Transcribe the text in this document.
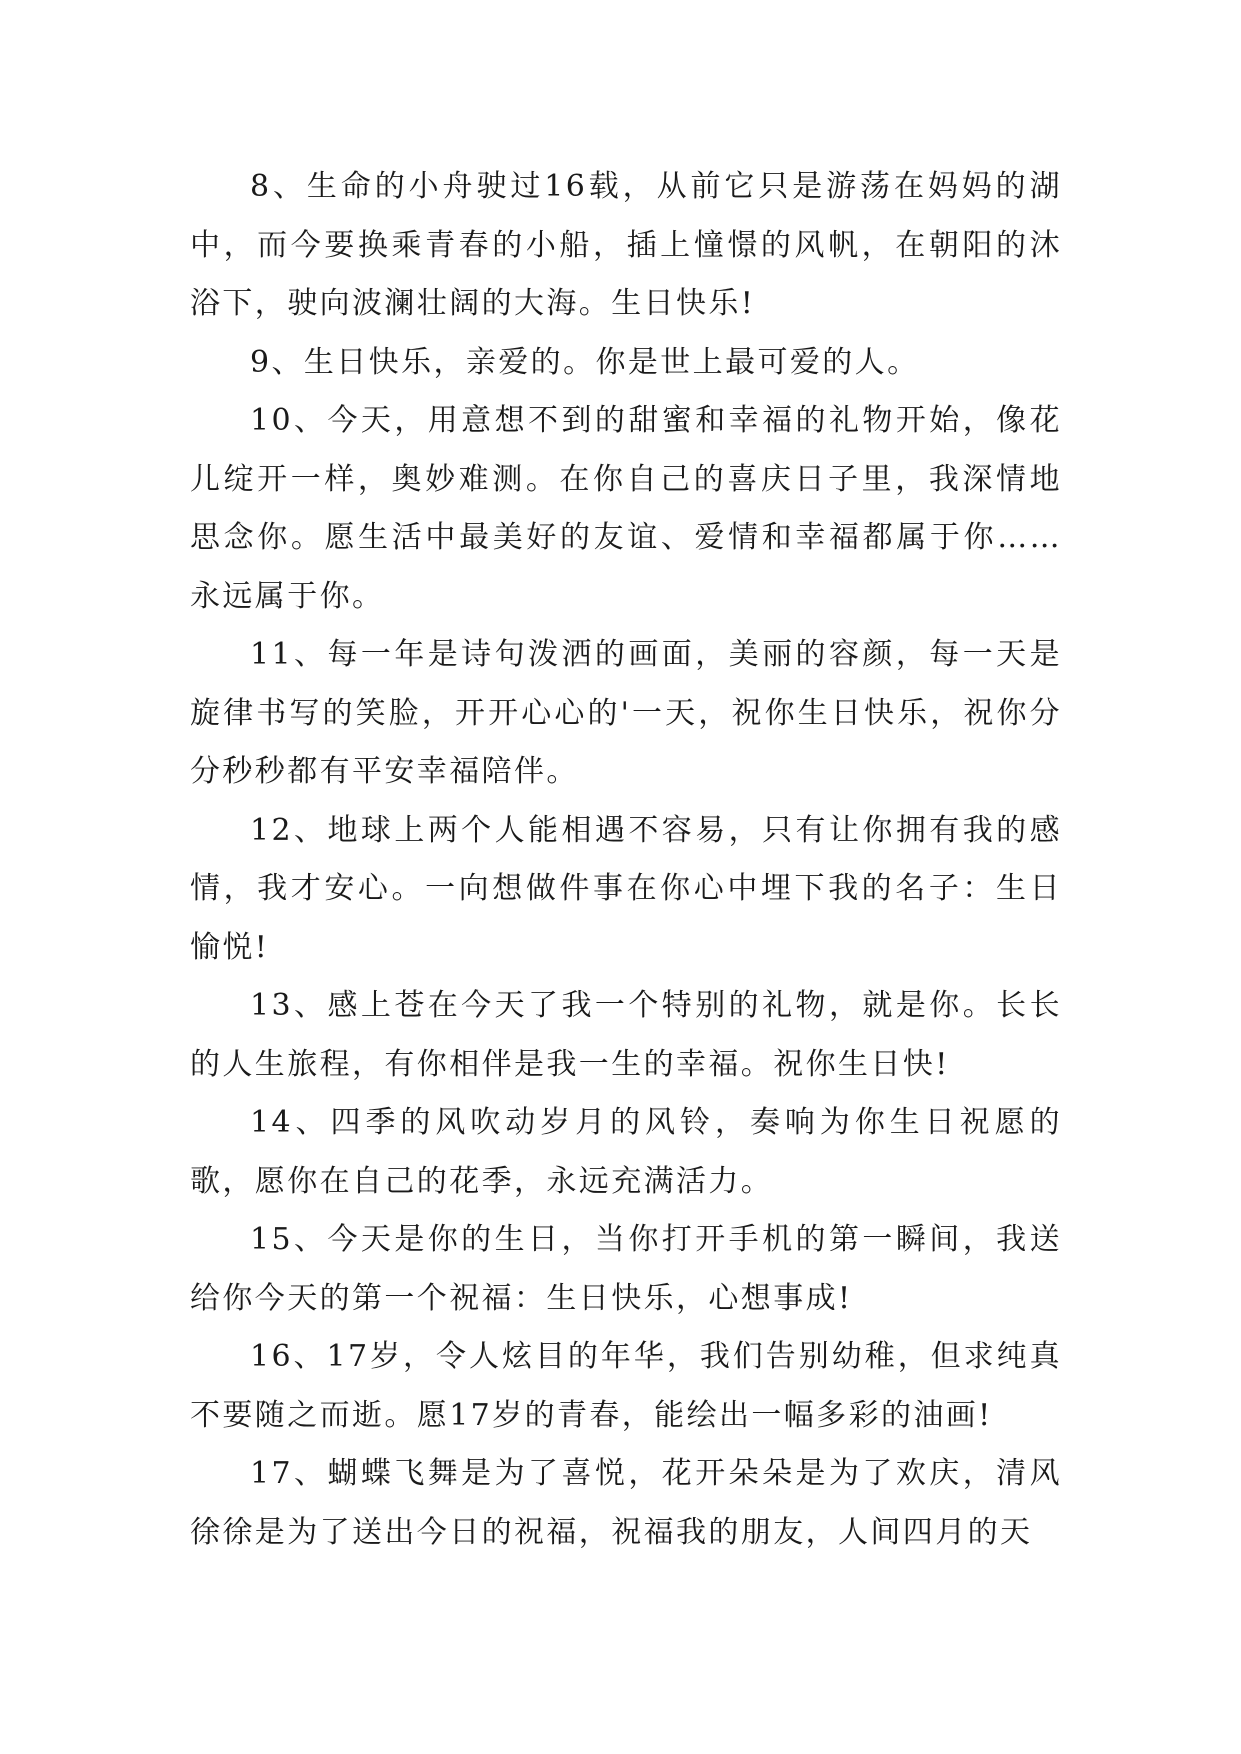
8、生命的小舟驶过16载，从前它只是游荡在妈妈的湖中，而今要换乘青春的小船，插上憧憬的风帆，在朝阳的沐浴下，驶向波澜壮阔的大海。生日快乐!

9、生日快乐，亲爱的。你是世上最可爱的人。

10、今天，用意想不到的甜蜜和幸福的礼物开始，像花儿绽开一样，奥妙难测。在你自己的喜庆日子里，我深情地思念你。愿生活中最美好的友谊、爱情和幸福都属于你……永远属于你。

11、每一年是诗句泼洒的画面，美丽的容颜，每一天是旋律书写的笑脸，开开心心的'一天，祝你生日快乐，祝你分分秒秒都有平安幸福陪伴。

12、地球上两个人能相遇不容易，只有让你拥有我的感情，我才安心。一向想做件事在你心中埋下我的名子：生日愉悦!

13、感上苍在今天了我一个特别的礼物，就是你。长长的人生旅程，有你相伴是我一生的幸福。祝你生日快!

14、四季的风吹动岁月的风铃，奏响为你生日祝愿的歌，愿你在自己的花季，永远充满活力。

15、今天是你的生日，当你打开手机的第一瞬间，我送给你今天的第一个祝福：生日快乐，心想事成!

16、17岁，令人炫目的年华，我们告别幼稚，但求纯真不要随之而逝。愿17岁的青春，能绘出一幅多彩的油画!

17、蝴蝶飞舞是为了喜悦，花开朵朵是为了欢庆，清风徐徐是为了送出今日的祝福，祝福我的朋友，人间四月的天
